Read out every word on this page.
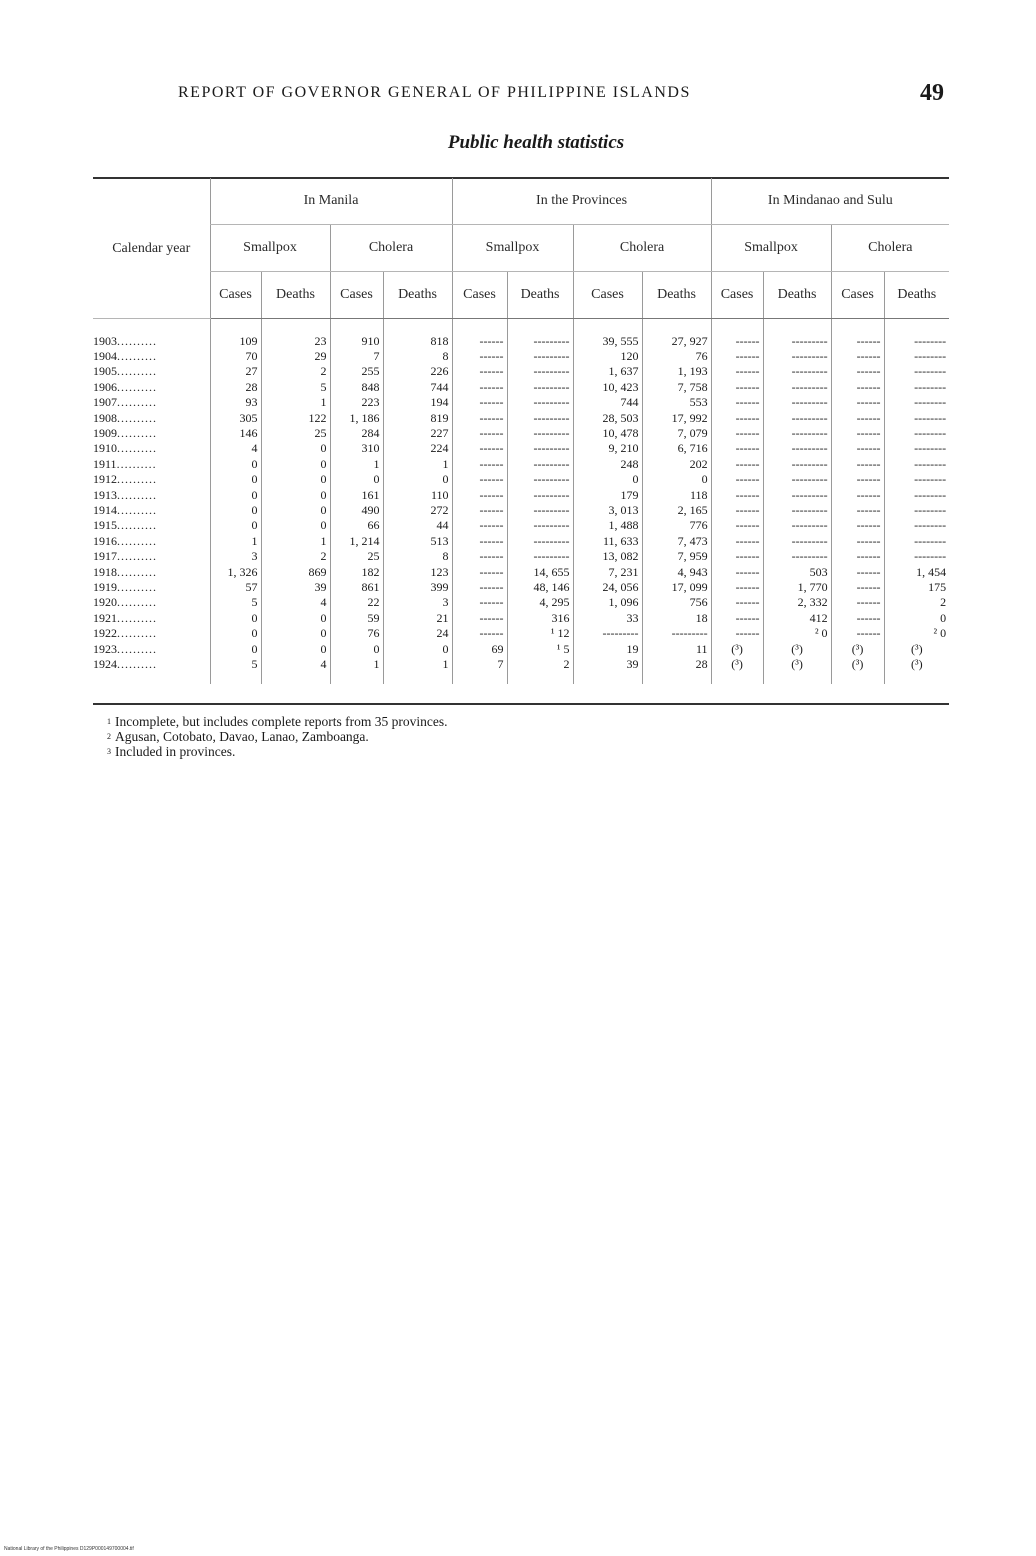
REPORT OF GOVERNOR GENERAL OF PHILIPPINE ISLANDS	49
Public health statistics
Calendar year	In Manila				In the Provinces				In Mindanao and Sulu			
	Smallpox		Cholera		Smallpox		Cholera		Smallpox		Cholera	
	Cases	Deaths	Cases	Deaths	Cases	Deaths	Cases	Deaths	Cases	Deaths	Cases	Deaths
1903..........	109	23	910	818	------	---------	39, 555	27, 927	------	---------	------	--------
1904..........	70	29	7	8	------	---------	120	76	------	---------	------	--------
1905..........	27	2	255	226	------	---------	1, 637	1, 193	------	---------	------	--------
1906..........	28	5	848	744	------	---------	10, 423	7, 758	------	---------	------	--------
1907..........	93	1	223	194	------	---------	744	553	------	---------	------	--------
1908..........	305	122	1, 186	819	------	---------	28, 503	17, 992	------	---------	------	--------
1909..........	146	25	284	227	------	---------	10, 478	7, 079	------	---------	------	--------
1910..........	4	0	310	224	------	---------	9, 210	6, 716	------	---------	------	--------
1911..........	0	0	1	1	------	---------	248	202	------	---------	------	--------
1912..........	0	0	0	0	------	---------	0	0	------	---------	------	--------
1913..........	0	0	161	110	------	---------	179	118	------	---------	------	--------
1914..........	0	0	490	272	------	---------	3, 013	2, 165	------	---------	------	--------
1915..........	0	0	66	44	------	---------	1, 488	776	------	---------	------	--------
1916..........	1	1	1, 214	513	------	---------	11, 633	7, 473	------	---------	------	--------
1917..........	3	2	25	8	------	---------	13, 082	7, 959	------	---------	------	--------
1918..........	1, 326	869	182	123	------	14, 655	7, 231	4, 943	------	503	------	1, 454
1919..........	57	39	861	399	------	48, 146	24, 056	17, 099	------	1, 770	------	175
1920..........	5	4	22	3	------	4, 295	1, 096	756	------	2, 332	------	2
1921..........	0	0	59	21	------	316	33	18	------	412	------	0
1922..........	0	0	76	24	------	¹ 12	---------	---------	------	² 0	------	² 0
1923..........	0	0	0	0	69	¹ 5	19	11	(³)	(³)	(³)	(³)
1924..........	5	4	1	1	7	2	39	28	(³)	(³)	(³)	(³)
$^1$ Incomplete, but includes complete reports from 35 provinces.
$^2$ Agusan, Cotobato, Davao, Lanao, Zamboanga.
$^3$ Included in provinces.
National Library of the Philippines D129P000149700004.tif
